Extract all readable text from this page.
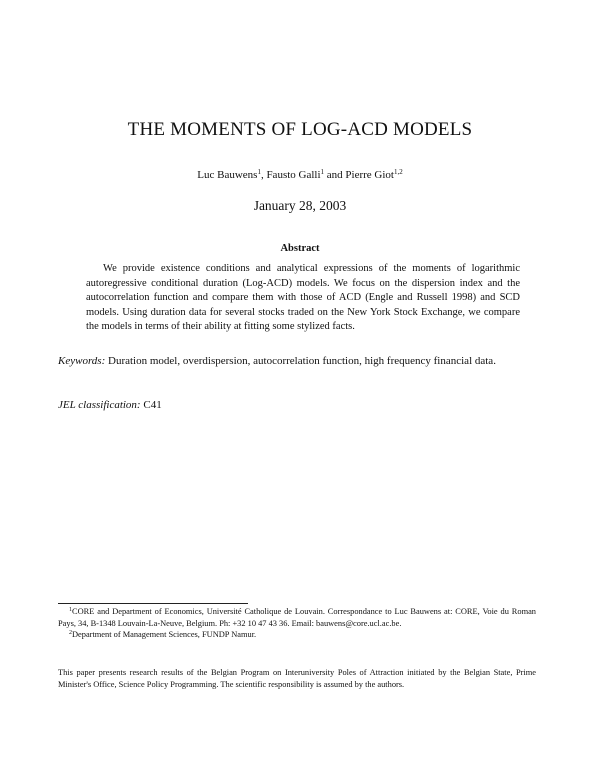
THE MOMENTS OF LOG-ACD MODELS
Luc Bauwens$^1$, Fausto Galli$^1$ and Pierre Giot$^{1,2}$
January 28, 2003
Abstract
We provide existence conditions and analytical expressions of the moments of logarithmic autoregressive conditional duration (Log-ACD) models. We focus on the dispersion index and the autocorrelation function and compare them with those of ACD (Engle and Russell 1998) and SCD models. Using duration data for several stocks traded on the New York Stock Exchange, we compare the models in terms of their ability at fitting some stylized facts.
Keywords: Duration model, overdispersion, autocorrelation function, high frequency financial data.
JEL classification: C41
$^1$CORE and Department of Economics, Université Catholique de Louvain. Correspondance to Luc Bauwens at: CORE, Voie du Roman Pays, 34, B-1348 Louvain-La-Neuve, Belgium. Ph: +32 10 47 43 36. Email: bauwens@core.ucl.ac.be.
$^2$Department of Management Sciences, FUNDP Namur.
This paper presents research results of the Belgian Program on Interuniversity Poles of Attraction initiated by the Belgian State, Prime Minister's Office, Science Policy Programming. The scientific responsibility is assumed by the authors.
